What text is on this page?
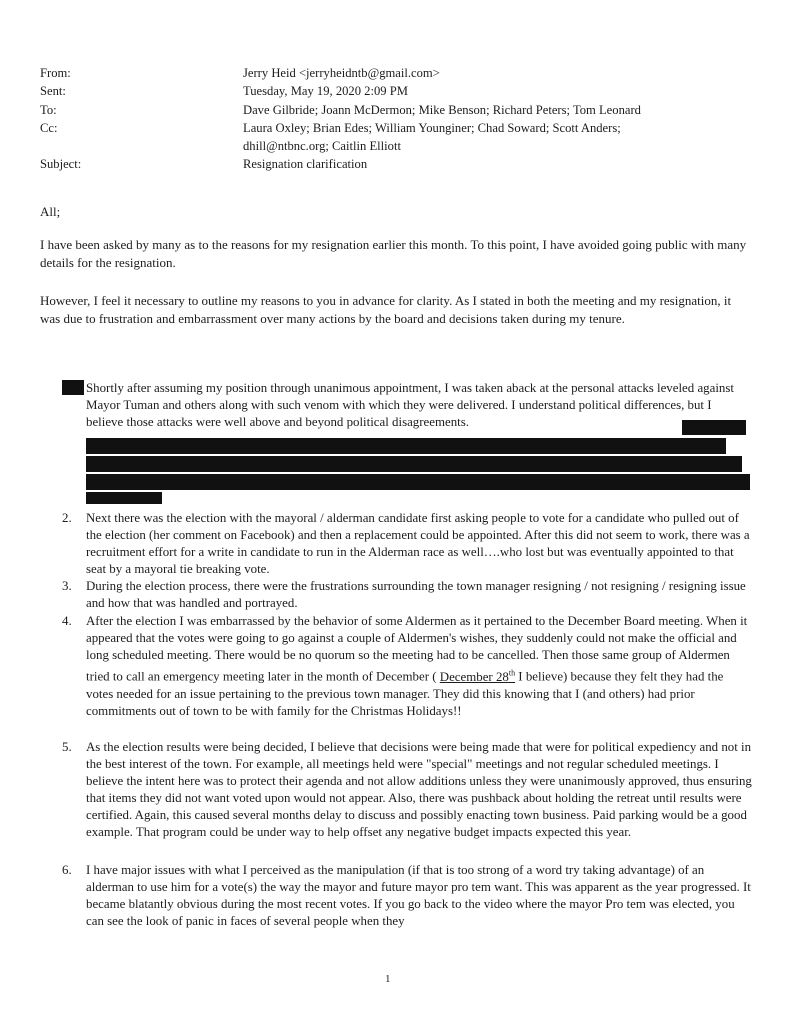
From:	Jerry Heid <jerryheidntb@gmail.com>
Sent:	Tuesday, May 19, 2020 2:09 PM
To:	Dave Gilbride; Joann McDermon; Mike Benson; Richard Peters; Tom Leonard
Cc:	Laura Oxley; Brian Edes; William Younginer; Chad Soward; Scott Anders;
dhill@ntbnc.org; Caitlin Elliott
Subject:	Resignation clarification
All;

I have been asked by many as to the reasons for my resignation earlier this month. To this point, I have avoided going public with many details for the resignation.

However, I feel it necessary to outline my reasons to you in advance for clarity. As I stated in both the meeting and my resignation, it was due to frustration and embarrassment over many actions by the board and decisions taken during my tenure.

Shortly after assuming my position through unanimous appointment, I was taken aback at the personal attacks leveled against Mayor Tuman and others along with such venom with which they were delivered. I understand political differences, but I believe those attacks were well above and beyond political disagreements.

2. Next there was the election with the mayoral / alderman candidate first asking people to vote for a candidate who pulled out of the election (her comment on Facebook) and then a replacement could be appointed. After this did not seem to work, there was a recruitment effort for a write in candidate to run in the Alderman race as well….who lost but was eventually appointed to that seat by a mayoral tie breaking vote.

3. During the election process, there were the frustrations surrounding the town manager resigning / not resigning / resigning issue and how that was handled and portrayed.

4. After the election I was embarrassed by the behavior of some Aldermen as it pertained to the December Board meeting. When it appeared that the votes were going to go against a couple of Aldermen's wishes, they suddenly could not make the official and long scheduled meeting. There would be no quorum so the meeting had to be cancelled. Then those same group of Aldermen tried to call an emergency meeting later in the month of December ( December 28th I believe) because they felt they had the votes needed for an issue pertaining to the previous town manager. They did this knowing that I (and others) had prior commitments out of town to be with family for the Christmas Holidays!!

5. As the election results were being decided, I believe that decisions were being made that were for political expediency and not in the best interest of the town. For example, all meetings held were "special" meetings and not regular scheduled meetings. I believe the intent here was to protect their agenda and not allow additions unless they were unanimously approved, thus ensuring that items they did not want voted upon would not appear. Also, there was pushback about holding the retreat until results were certified. Again, this caused several months delay to discuss and possibly enacting town business. Paid parking would be a good example. That program could be under way to help offset any negative budget impacts expected this year.

6. I have major issues with what I perceived as the manipulation (if that is too strong of a word try taking advantage) of an alderman to use him for a vote(s) the way the mayor and future mayor pro tem want. This was apparent as the year progressed. It became blatantly obvious during the most recent votes. If you go back to the video where the mayor Pro tem was elected, you can see the look of panic in faces of several people when they

1
